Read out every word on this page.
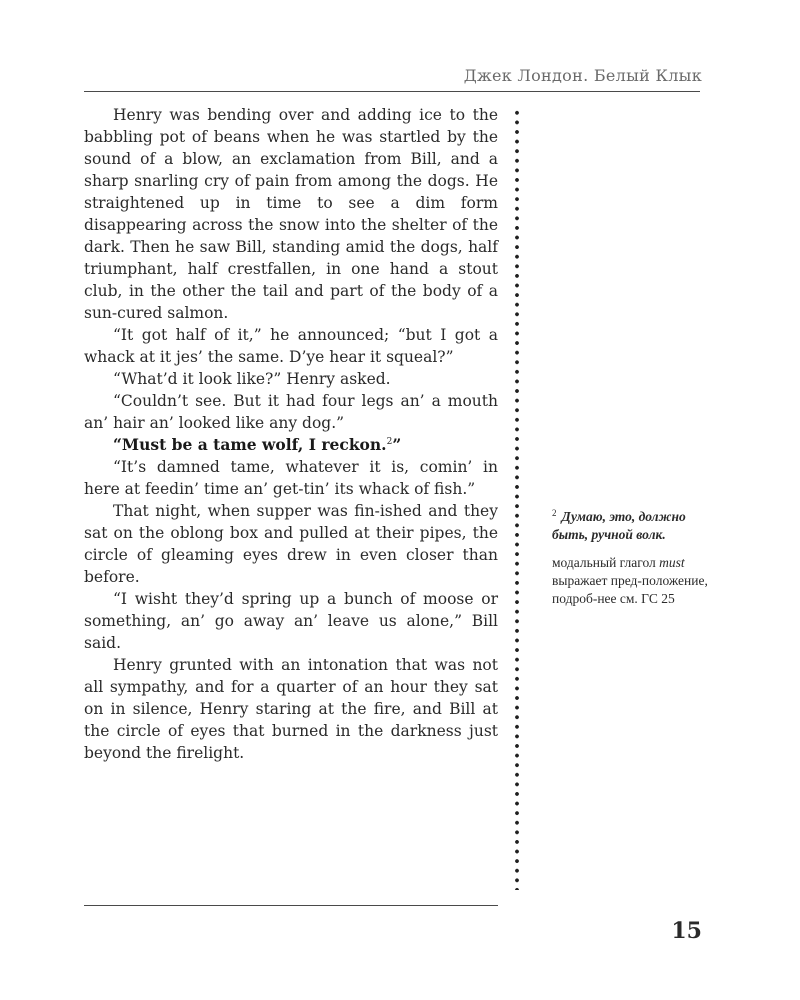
Джек Лондон. Белый Клык

Henry was bending over and adding ice to the babbling pot of beans when he was startled by the sound of a blow, an exclamation from Bill, and a sharp snarling cry of pain from among the dogs. He straightened up in time to see a dim form disappearing across the snow into the shelter of the dark. Then he saw Bill, standing amid the dogs, half triumphant, half crestfallen, in one hand a stout club, in the other the tail and part of the body of a sun-cured salmon.

“It got half of it,” he announced; “but I got a whack at it jes’ the same. D’ye hear it squeal?”

“What’d it look like?” Henry asked.

“Couldn’t see. But it had four legs an’ a mouth an’ hair an’ looked like any dog.”

“Must be a tame wolf, I reckon.$^2$”

“It’s damned tame, whatever it is, comin’ in here at feedin’ time an’ get-tin’ its whack of fish.”

That night, when supper was fin-ished and they sat on the oblong box and pulled at their pipes, the circle of gleaming eyes drew in even closer than before.

“I wisht they’d spring up a bunch of moose or something, an’ go away an’ leave us alone,” Bill said.

Henry grunted with an intonation that was not all sympathy, and for a quarter of an hour they sat on in silence, Henry staring at the fire, and Bill at the circle of eyes that burned in the darkness just beyond the firelight.

$^2$ Думаю, это, должно быть, ручной волк.

модальный глагол must выражает пред-положение, подроб-нее см. ГС 25

15
